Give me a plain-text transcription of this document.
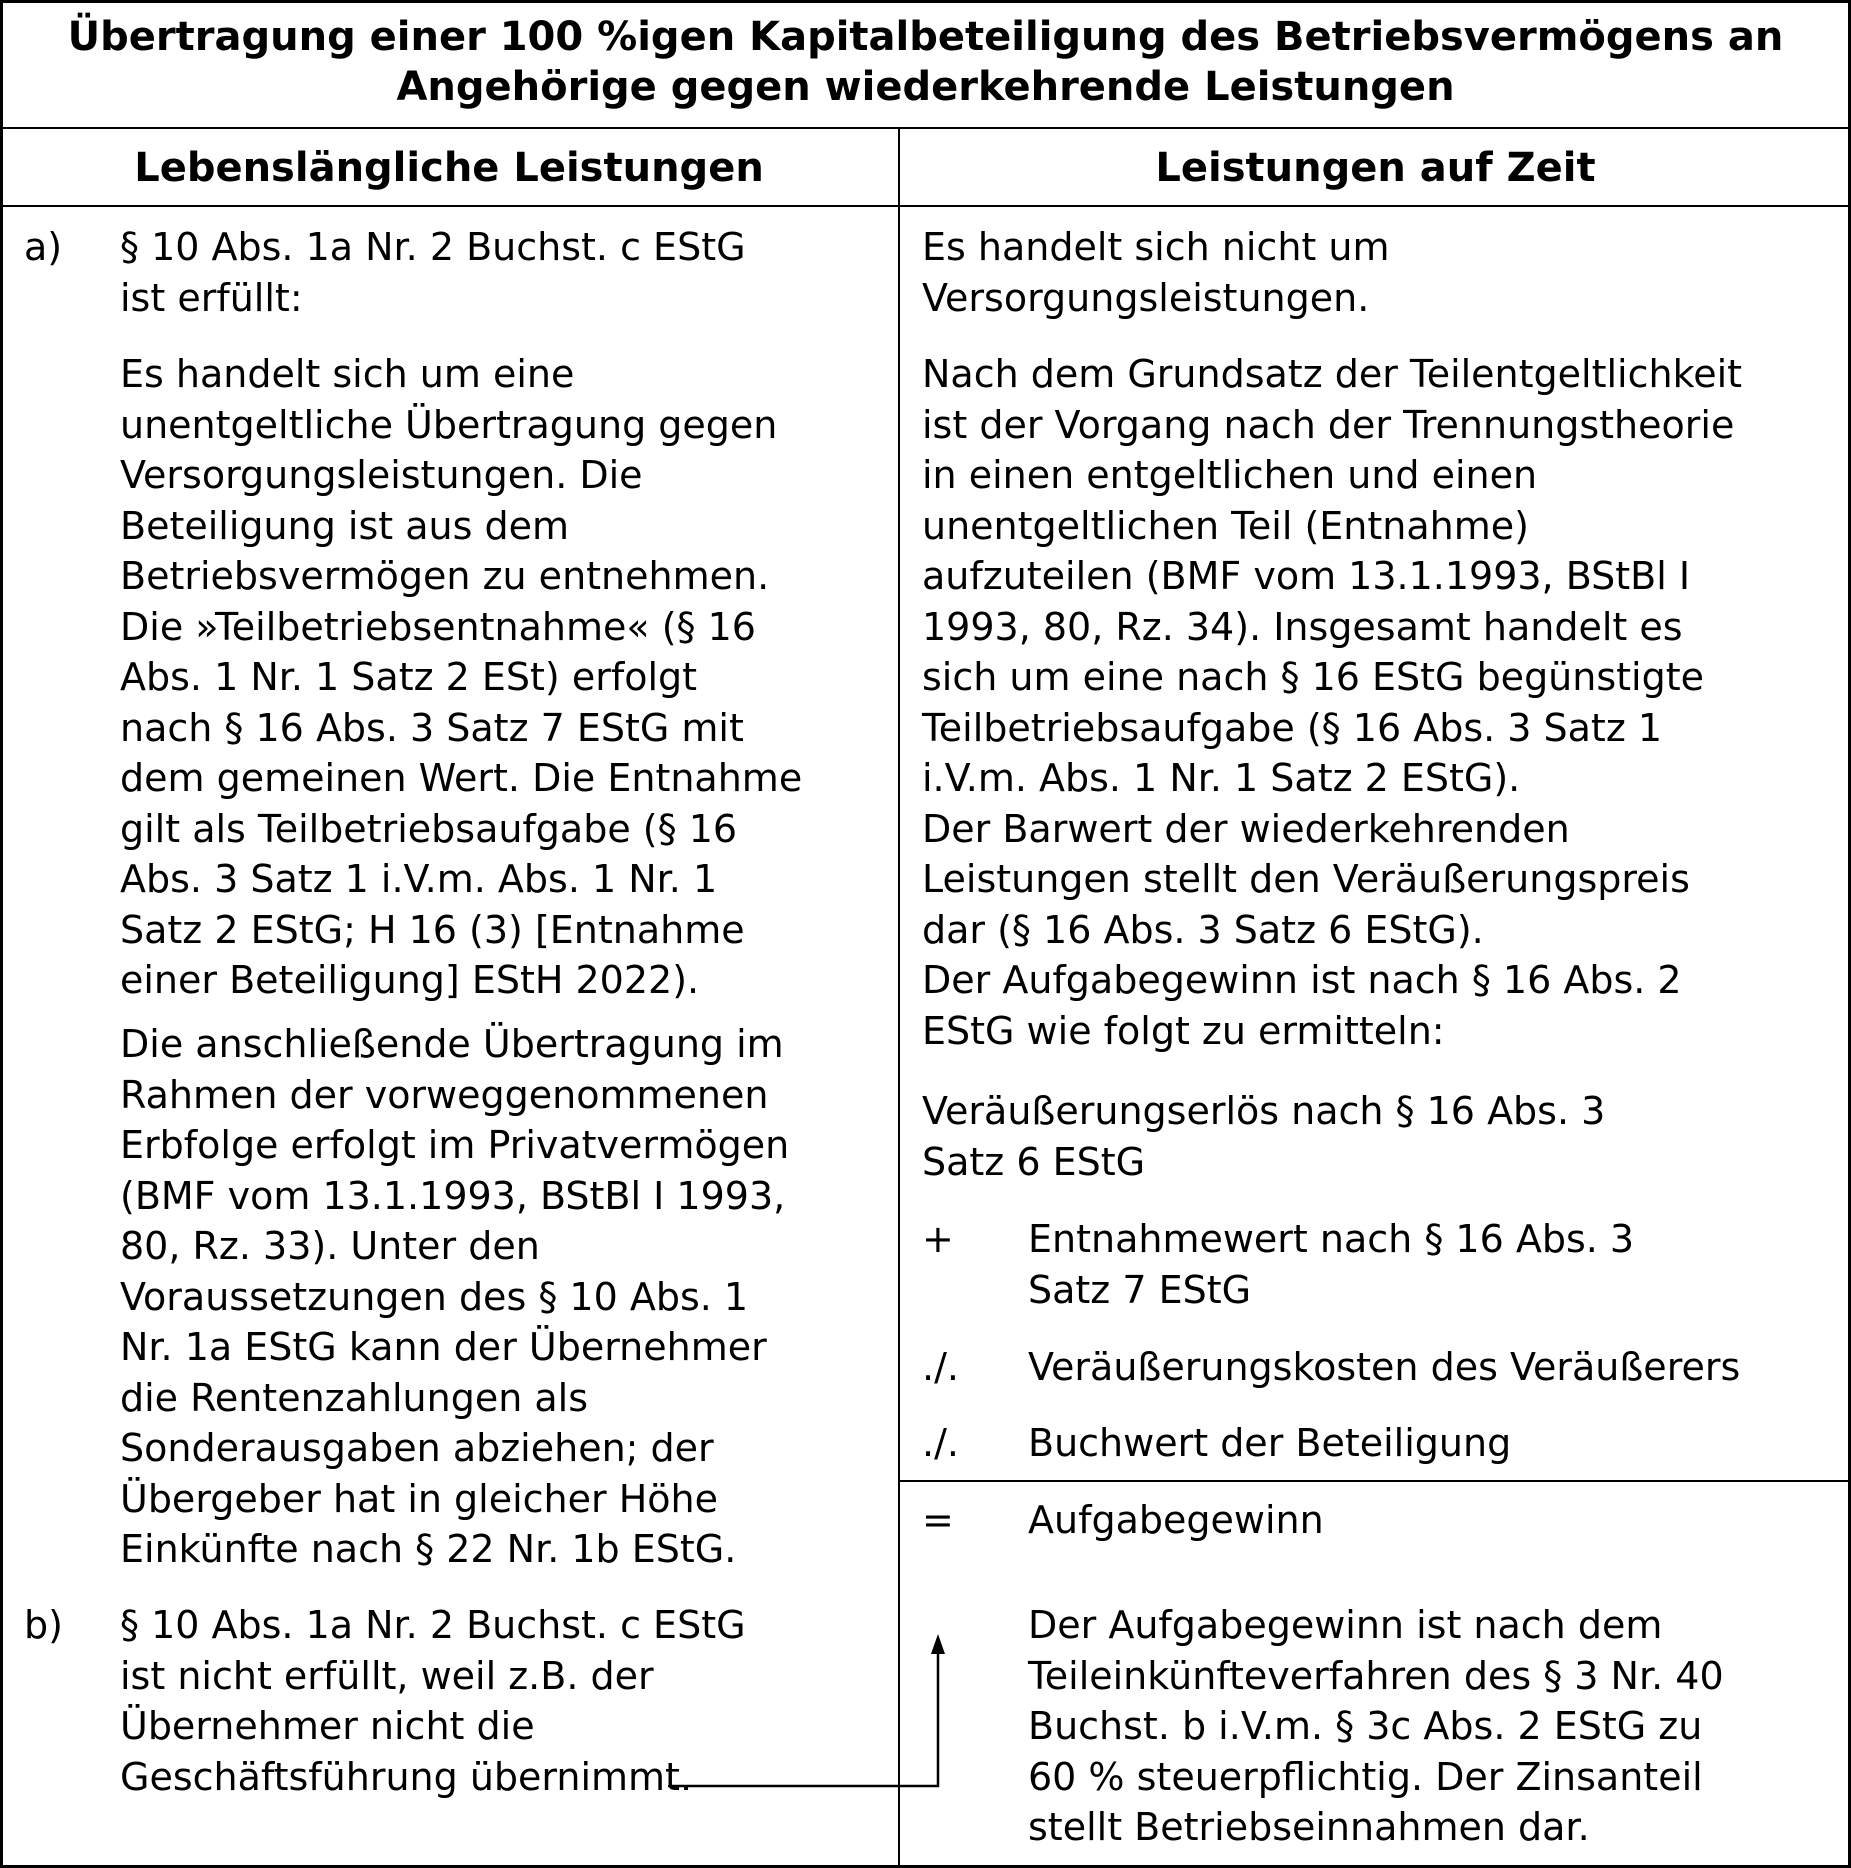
Übertragung einer 100 %igen Kapitalbeteiligung des Betriebsvermögens an
Angehörige gegen wiederkehrende Leistungen
Lebenslängliche Leistungen	Leistungen auf Zeit
a) § 10 Abs. 1a Nr. 2 Buchst. c EStG
ist erfüllt:
Es handelt sich um eine
unentgeltliche Übertragung gegen
Versorgungsleistungen. Die
Beteiligung ist aus dem
Betriebsvermögen zu entnehmen.
Die »Teilbetriebsentnahme« (§ 16
Abs. 1 Nr. 1 Satz 2 ESt) erfolgt
nach § 16 Abs. 3 Satz 7 EStG mit
dem gemeinen Wert. Die Entnahme
gilt als Teilbetriebsaufgabe (§ 16
Abs. 3 Satz 1 i.V.m. Abs. 1 Nr. 1
Satz 2 EStG; H 16 (3) [Entnahme
einer Beteiligung] EStH 2022).
Die anschließende Übertragung im
Rahmen der vorweggenommenen
Erbfolge erfolgt im Privatvermögen
(BMF vom 13.1.1993, BStBl I 1993,
80, Rz. 33). Unter den
Voraussetzungen des § 10 Abs. 1
Nr. 1a EStG kann der Übernehmer
die Rentenzahlungen als
Sonderausgaben abziehen; der
Übergeber hat in gleicher Höhe
Einkünfte nach § 22 Nr. 1b EStG.
b) § 10 Abs. 1a Nr. 2 Buchst. c EStG
ist nicht erfüllt, weil z.B. der
Übernehmer nicht die
Geschäftsführung übernimmt.
Es handelt sich nicht um
Versorgungsleistungen.
Nach dem Grundsatz der Teilentgeltlichkeit
ist der Vorgang nach der Trennungstheorie
in einen entgeltlichen und einen
unentgeltlichen Teil (Entnahme)
aufzuteilen (BMF vom 13.1.1993, BStBl I
1993, 80, Rz. 34). Insgesamt handelt es
sich um eine nach § 16 EStG begünstigte
Teilbetriebsaufgabe (§ 16 Abs. 3 Satz 1
i.V.m. Abs. 1 Nr. 1 Satz 2 EStG).
Der Barwert der wiederkehrenden
Leistungen stellt den Veräußerungspreis
dar (§ 16 Abs. 3 Satz 6 EStG).
Der Aufgabegewinn ist nach § 16 Abs. 2
EStG wie folgt zu ermitteln:
Veräußerungserlös nach § 16 Abs. 3
Satz 6 EStG
+ Entnahmewert nach § 16 Abs. 3
Satz 7 EStG
./. Veräußerungskosten des Veräußerers
./. Buchwert der Beteiligung
= Aufgabegewinn
Der Aufgabegewinn ist nach dem
Teileinkünfteverfahren des § 3 Nr. 40
Buchst. b i.V.m. § 3c Abs. 2 EStG zu
60 % steuerpflichtig. Der Zinsanteil
stellt Betriebseinnahmen dar.
